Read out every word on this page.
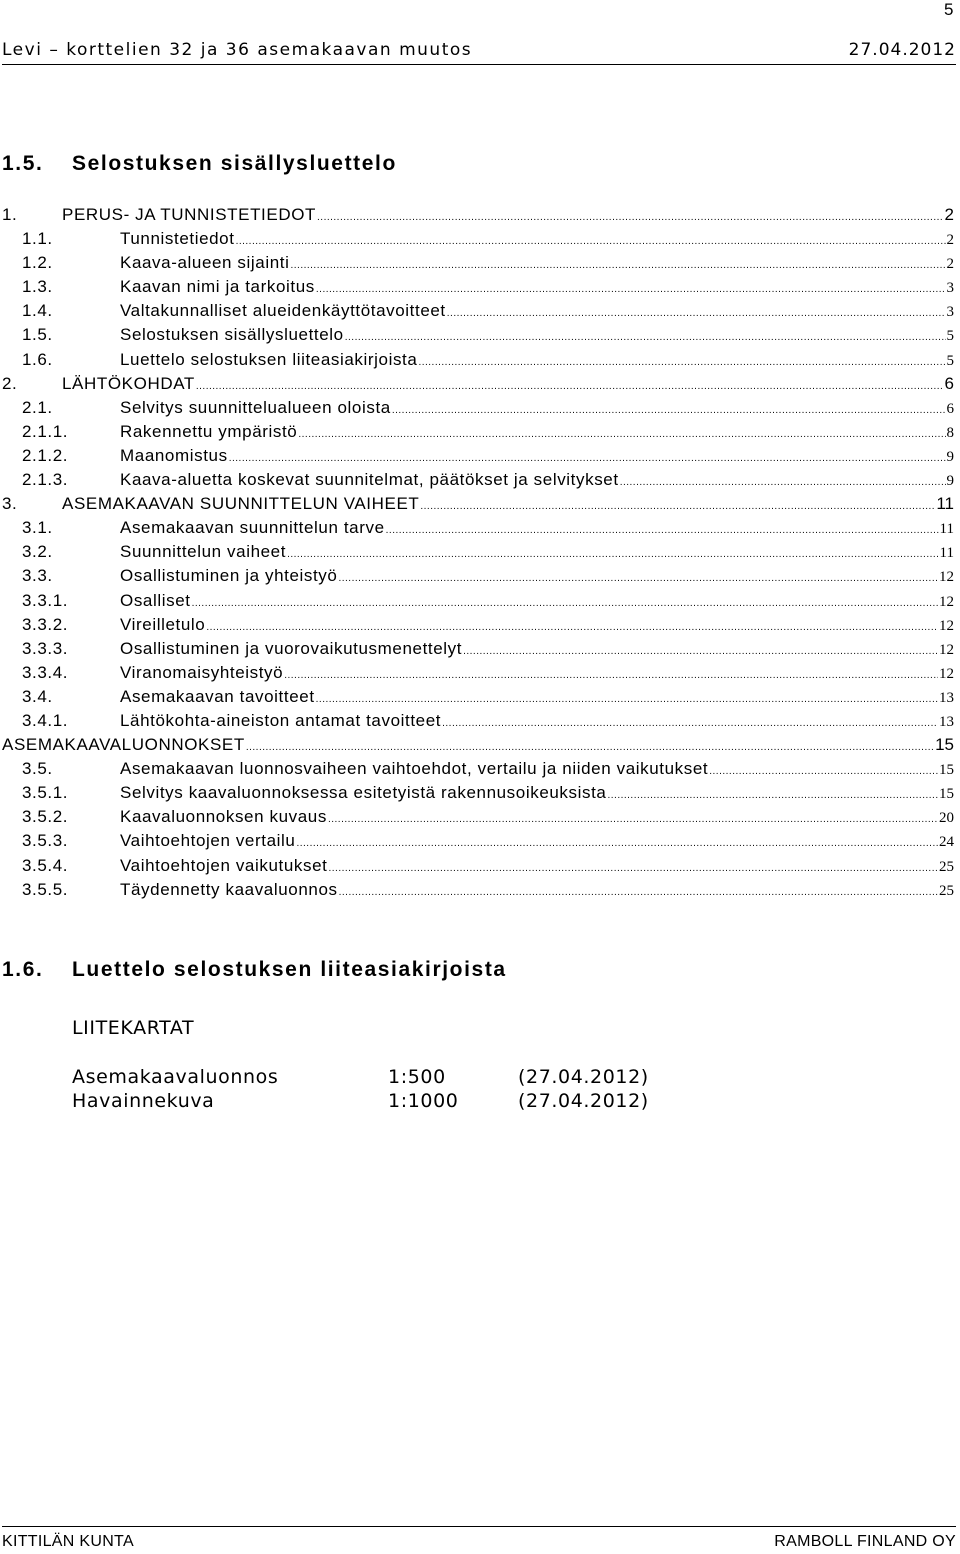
5
Levi – korttelien 32 ja 36 asemakaavan muutos	27.04.2012
1.5. Selostuksen sisällysluettelo
1.	PERUS- JA TUNNISTETIEDOT .....	2
1.1.	Tunnistetiedot .....	2
1.2.	Kaava-alueen sijainti .....	2
1.3.	Kaavan nimi ja tarkoitus .....	3
1.4.	Valtakunnalliset alueidenkäyttötavoitteet .....	3
1.5.	Selostuksen sisällysluettelo .....	5
1.6.	Luettelo selostuksen liiteasiakirjoista .....	5
2.	LÄHTÖKOHDAT .....	6
2.1.	Selvitys suunnittelualueen oloista .....	6
2.1.1.	Rakennettu ympäristö .....	8
2.1.2.	Maanomistus .....	9
2.1.3.	Kaava-aluetta koskevat suunnitelmat, päätökset ja selvitykset .....	9
3.	ASEMAKAAVAN SUUNNITTELUN VAIHEET .....	11
3.1.	Asemakaavan suunnittelun tarve .....	11
3.2.	Suunnittelun vaiheet .....	11
3.3.	Osallistuminen ja yhteistyö .....	12
3.3.1.	Osalliset .....	12
3.3.2.	Vireilletulo .....	12
3.3.3.	Osallistuminen ja vuorovaikutusmenettelyt .....	12
3.3.4.	Viranomaisyhteistyö .....	12
3.4.	Asemakaavan tavoitteet .....	13
3.4.1.	Lähtökohta-aineiston antamat tavoitteet .....	13
ASEMAKAAVALUONNOKSET .....	15
3.5.	Asemakaavan luonnosvaiheen vaihtoehdot, vertailu ja niiden vaikutukset .....	15
3.5.1.	Selvitys kaavaluonnoksessa esitetyistä rakennusoikeuksista .....	15
3.5.2.	Kaavaluonnoksen kuvaus .....	20
3.5.3.	Vaihtoehtojen vertailu .....	24
3.5.4.	Vaihtoehtojen vaikutukset .....	25
3.5.5.	Täydennetty kaavaluonnos .....	25
1.6. Luettelo selostuksen liiteasiakirjoista
LIITEKARTAT
Asemakaavaluonnos	1:500	(27.04.2012)
Havainnekuva	1:1000	(27.04.2012)
KITTILÄN KUNTA	RAMBOLL FINLAND OY
